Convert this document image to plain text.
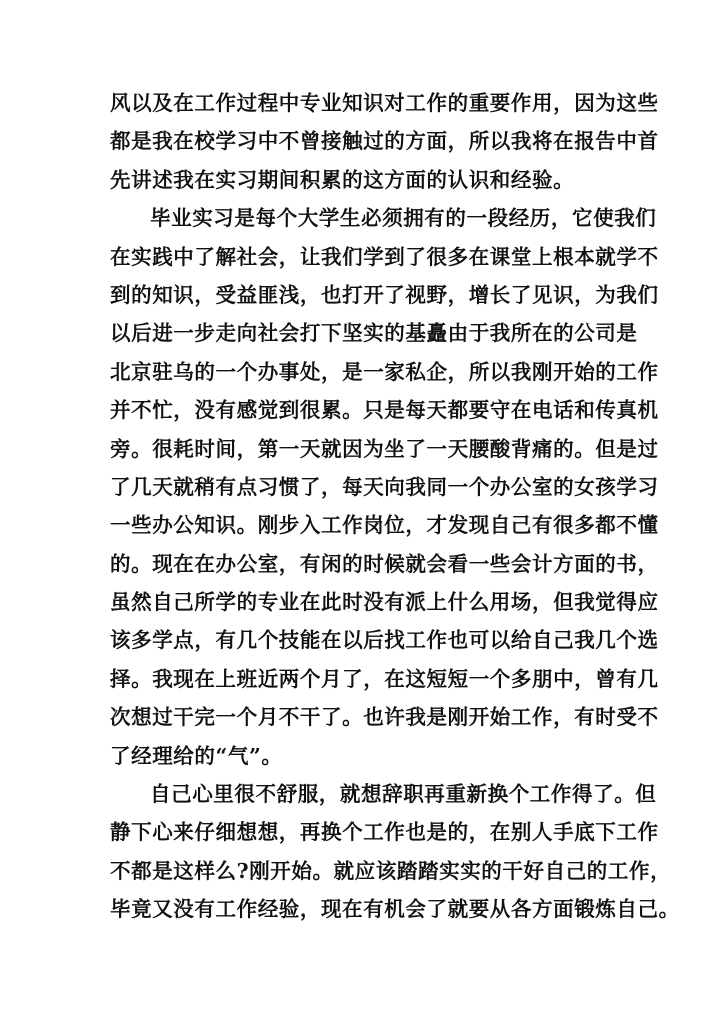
风以及在工作过程中专业知识对工作的重要作用，因为这些
都是我在校学习中不曾接触过的方面，所以我将在报告中首
先讲述我在实习期间积累的这方面的认识和经验。
毕业实习是每个大学生必须拥有的一段经历，它使我们
在实践中了解社会，让我们学到了很多在课堂上根本就学不
到的知识，受益匪浅，也打开了视野，增长了见识，为我们
以后进一步走向社会打下坚实的基矗由于我所在的公司是
北京驻乌的一个办事处，是一家私企，所以我刚开始的工作
并不忙，没有感觉到很累。只是每天都要守在电话和传真机
旁。很耗时间，第一天就因为坐了一天腰酸背痛的。但是过
了几天就稍有点习惯了，每天向我同一个办公室的女孩学习
一些办公知识。刚步入工作岗位，才发现自己有很多都不懂
的。现在在办公室，有闲的时候就会看一些会计方面的书，
虽然自己所学的专业在此时没有派上什么用场，但我觉得应
该多学点，有几个技能在以后找工作也可以给自己我几个选
择。我现在上班近两个月了，在这短短一个多朋中，曾有几
次想过干完一个月不干了。也许我是刚开始工作，有时受不
了经理给的“气”。
自己心里很不舒服，就想辞职再重新换个工作得了。但
静下心来仔细想想，再换个工作也是的，在别人手底下工作
不都是这样么?刚开始。就应该踏踏实实的干好自己的工作，
毕竟又没有工作经验，现在有机会了就要从各方面锻炼自己。
